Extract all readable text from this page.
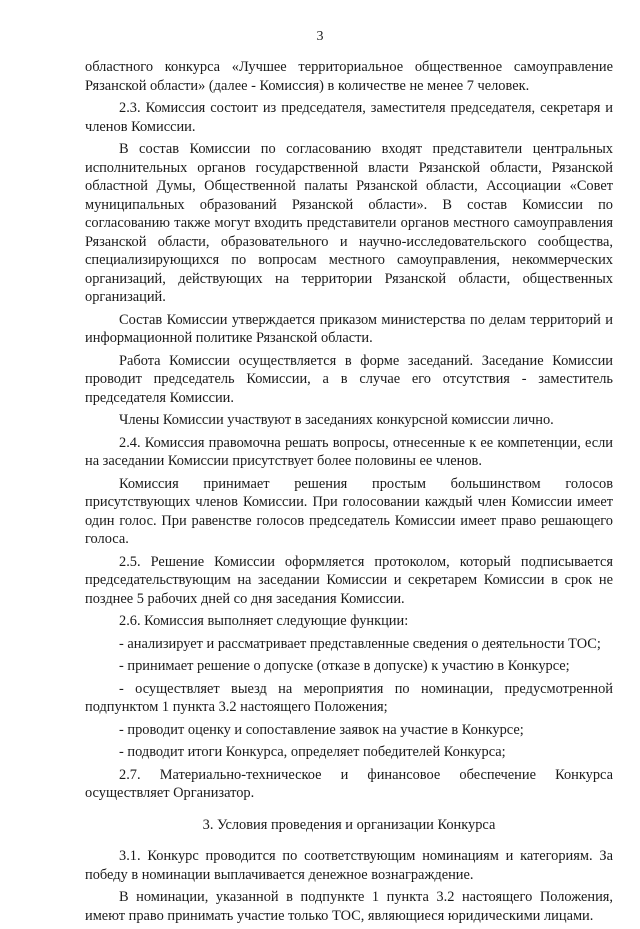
3

областного конкурса «Лучшее территориальное общественное самоуправление Рязанской области» (далее - Комиссия) в количестве не менее 7 человек.

2.3. Комиссия состоит из председателя, заместителя председателя, секретаря и членов Комиссии.

В состав Комиссии по согласованию входят представители центральных исполнительных органов государственной власти Рязанской области, Рязанской областной Думы, Общественной палаты Рязанской области, Ассоциации «Совет муниципальных образований Рязанской области». В состав Комиссии по согласованию также могут входить представители органов местного самоуправления Рязанской области, образовательного и научно-исследовательского сообщества, специализирующихся по вопросам местного самоуправления, некоммерческих организаций, действующих на территории Рязанской области, общественных организаций.

Состав Комиссии утверждается приказом министерства по делам территорий и информационной политике Рязанской области.

Работа Комиссии осуществляется в форме заседаний. Заседание Комиссии проводит председатель Комиссии, а в случае его отсутствия - заместитель председателя Комиссии.

Члены Комиссии участвуют в заседаниях конкурсной комиссии лично.

2.4. Комиссия правомочна решать вопросы, отнесенные к ее компетенции, если на заседании Комиссии присутствует более половины ее членов.

Комиссия принимает решения простым большинством голосов присутствующих членов Комиссии. При голосовании каждый член Комиссии имеет один голос. При равенстве голосов председатель Комиссии имеет право решающего голоса.

2.5. Решение Комиссии оформляется протоколом, который подписывается председательствующим на заседании Комиссии и секретарем Комиссии в срок не позднее 5 рабочих дней со дня заседания Комиссии.

2.6. Комиссия выполняет следующие функции:

- анализирует и рассматривает представленные сведения о деятельности ТОС;

- принимает решение о допуске (отказе в допуске) к участию в Конкурсе;

- осуществляет выезд на мероприятия по номинации, предусмотренной подпунктом 1 пункта 3.2 настоящего Положения;

- проводит оценку и сопоставление заявок на участие в Конкурсе;

- подводит итоги Конкурса, определяет победителей Конкурса;

2.7. Материально-техническое и финансовое обеспечение Конкурса осуществляет Организатор.

3. Условия проведения и организации Конкурса

3.1. Конкурс проводится по соответствующим номинациям и категориям. За победу в номинации выплачивается денежное вознаграждение.

В номинации, указанной в подпункте 1 пункта 3.2 настоящего Положения, имеют право принимать участие только ТОС, являющиеся юридическими лицами.
